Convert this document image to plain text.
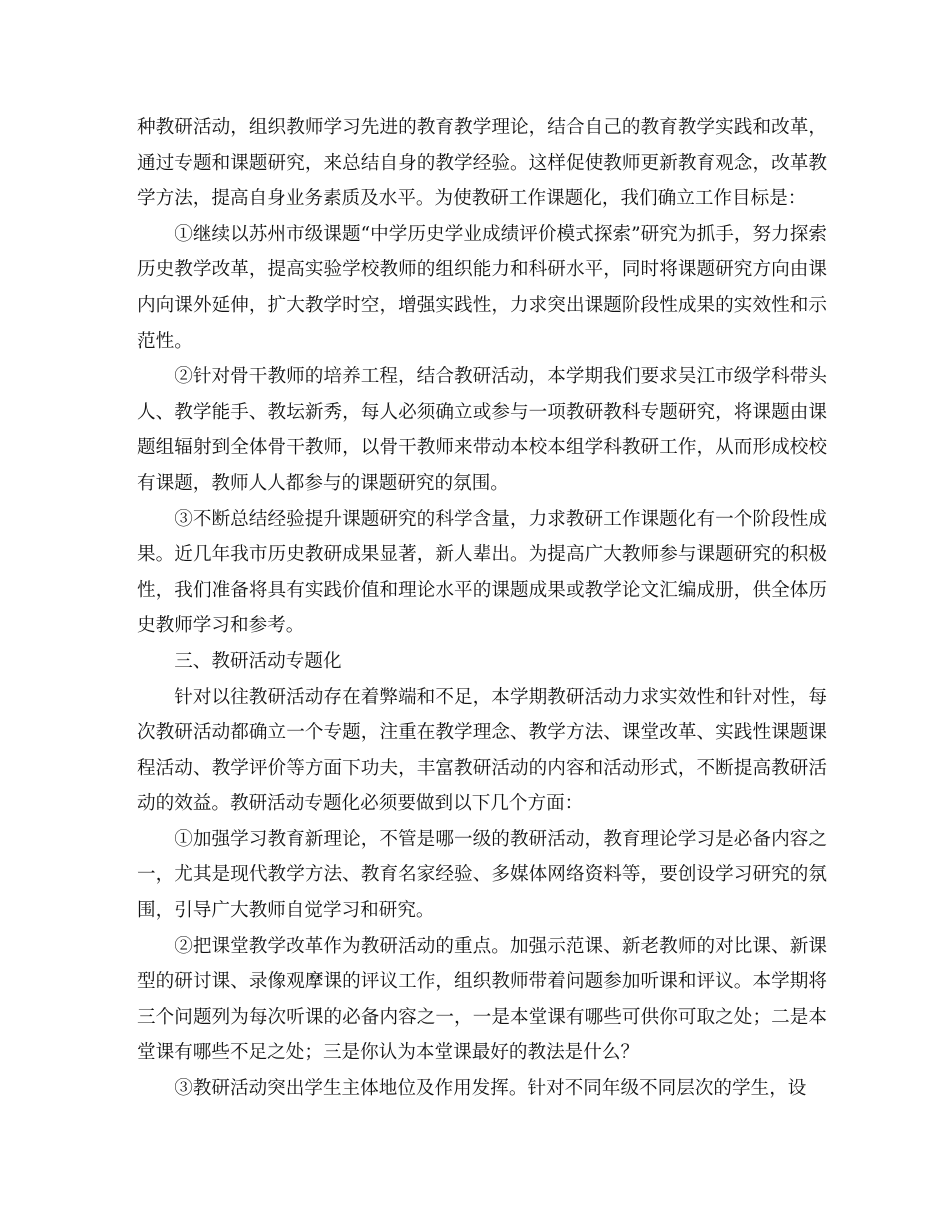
种教研活动，组织教师学习先进的教育教学理论，结合自己的教育教学实践和改革，通过专题和课题研究，来总结自身的教学经验。这样促使教师更新教育观念，改革教学方法，提高自身业务素质及水平。为使教研工作课题化，我们确立工作目标是：

①继续以苏州市级课题“中学历史学业成绩评价模式探索”研究为抓手，努力探索历史教学改革，提高实验学校教师的组织能力和科研水平，同时将课题研究方向由课内向课外延伸，扩大教学时空，增强实践性，力求突出课题阶段性成果的实效性和示范性。

②针对骨干教师的培养工程，结合教研活动，本学期我们要求吴江市级学科带头人、教学能手、教坛新秀，每人必须确立或参与一项教研教科专题研究，将课题由课题组辐射到全体骨干教师，以骨干教师来带动本校本组学科教研工作，从而形成校校有课题，教师人人都参与的课题研究的氛围。

③不断总结经验提升课题研究的科学含量，力求教研工作课题化有一个阶段性成果。近几年我市历史教研成果显著，新人辈出。为提高广大教师参与课题研究的积极性，我们准备将具有实践价值和理论水平的课题成果或教学论文汇编成册，供全体历史教师学习和参考。

三、教研活动专题化

针对以往教研活动存在着弊端和不足，本学期教研活动力求实效性和针对性，每次教研活动都确立一个专题，注重在教学理念、教学方法、课堂改革、实践性课题课程活动、教学评价等方面下功夫，丰富教研活动的内容和活动形式，不断提高教研活动的效益。教研活动专题化必须要做到以下几个方面：

①加强学习教育新理论，不管是哪一级的教研活动，教育理论学习是必备内容之一，尤其是现代教学方法、教育名家经验、多媒体网络资料等，要创设学习研究的氛围，引导广大教师自觉学习和研究。

②把课堂教学改革作为教研活动的重点。加强示范课、新老教师的对比课、新课型的研讨课、录像观摩课的评议工作，组织教师带着问题参加听课和评议。本学期将三个问题列为每次听课的必备内容之一，一是本堂课有哪些可供你可取之处；二是本堂课有哪些不足之处；三是你认为本堂课最好的教法是什么？

③教研活动突出学生主体地位及作用发挥。针对不同年级不同层次的学生，设
